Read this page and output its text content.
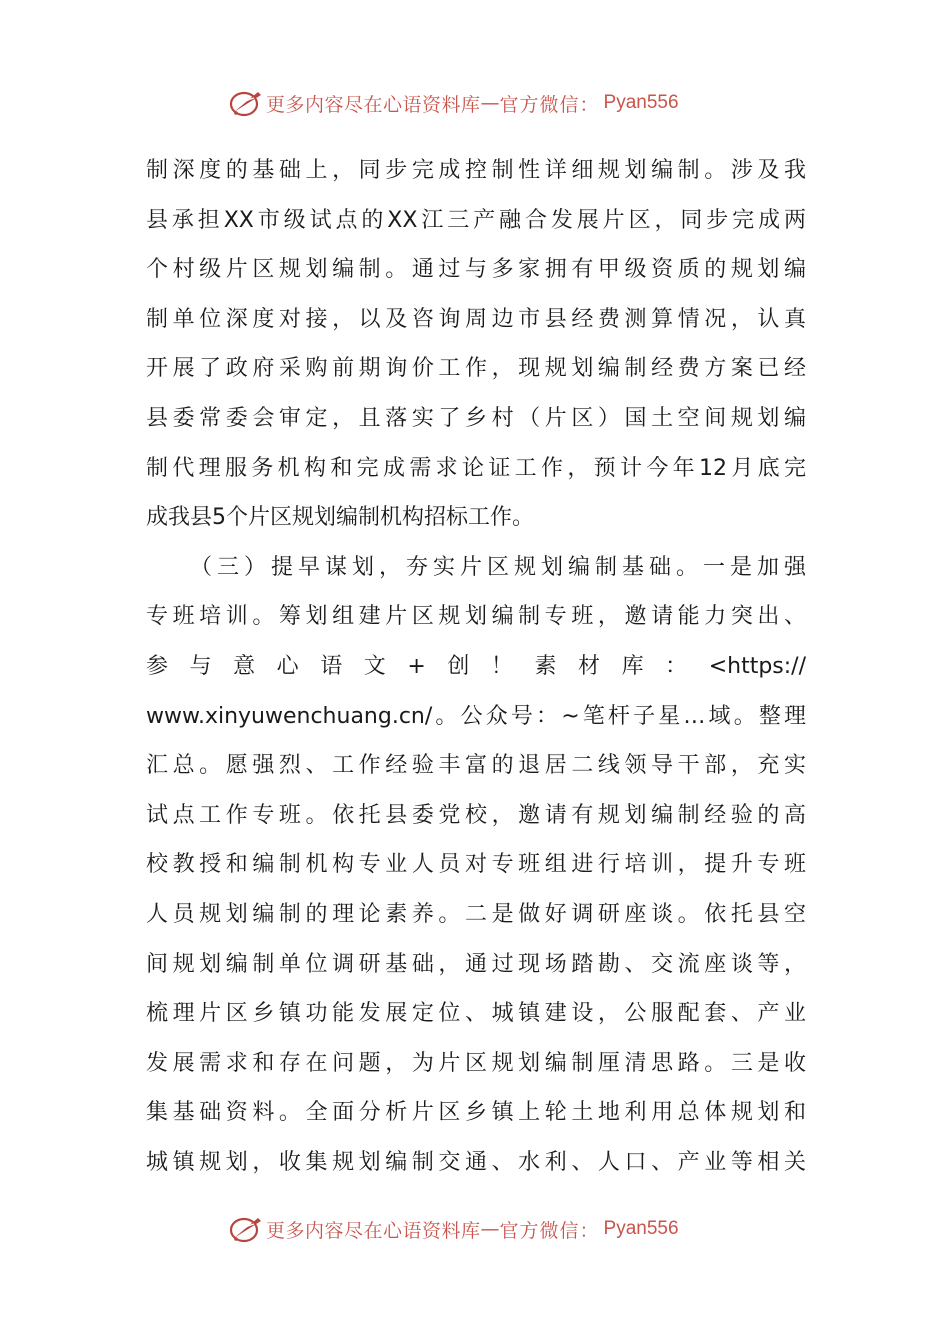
更多内容尽在心语资料库 — 官方微信： Pyan556
制深度的基础上，同步完成控制性详细规划编制。涉及我
县承担XX市级试点的XX江三产融合发展片区，同步完成两
个村级片区规划编制。通过与多家拥有甲级资质的规划编
制单位深度对接，以及咨询周边市县经费测算情况，认真
开展了政府采购前期询价工作，现规划编制经费方案已经
县委常委会审定，且落实了乡村（片区）国土空间规划编
制代理服务机构和完成需求论证工作，预计今年12月底完
成我县5个片区规划编制机构招标工作。
（三）提早谋划，夯实片区规划编制基础。一是加强
专班培训。筹划组建片区规划编制专班，邀请能力突出、
参与意心语文+创！素材库：<https://
www.xinyuwenchuang.cn/。公众号：~笔杆子星…域。整理
汇总。愿强烈、工作经验丰富的退居二线领导干部，充实
试点工作专班。依托县委党校，邀请有规划编制经验的高
校教授和编制机构专业人员对专班组进行培训，提升专班
人员规划编制的理论素养。二是做好调研座谈。依托县空
间规划编制单位调研基础，通过现场踏勘、交流座谈等，
梳理片区乡镇功能发展定位、城镇建设，公服配套、产业
发展需求和存在问题，为片区规划编制厘清思路。三是收
集基础资料。全面分析片区乡镇上轮土地利用总体规划和
城镇规划，收集规划编制交通、水利、人口、产业等相关
更多内容尽在心语资料库 — 官方微信： Pyan556
